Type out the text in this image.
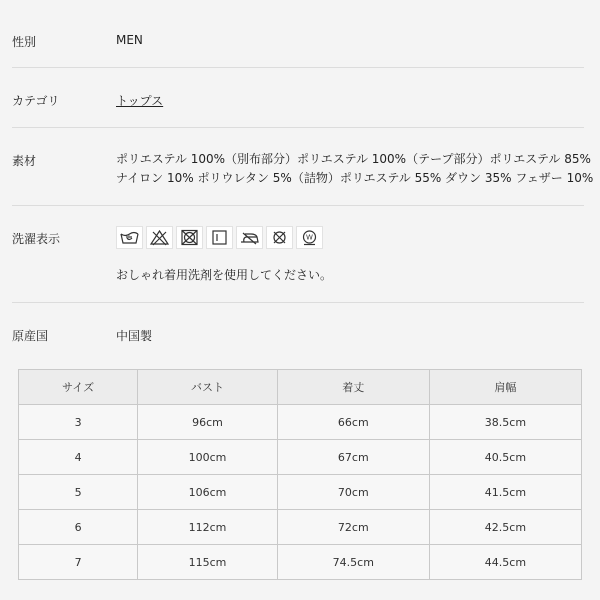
性別	MEN
カテゴリ	トップス
素材	ポリエステル 100%（別布部分）ポリエステル 100%（テープ部分）ポリエステル 85%
ナイロン 10% ポリウレタン 5%（詰物）ポリエステル 55% ダウン 35% フェザー 10%
洗濯表示	W
おしゃれ着用洗剤を使用してください。
原産国	中国製
サイズ	バスト	着丈	肩幅
3	96cm	66cm	38.5cm
4	100cm	67cm	40.5cm
5	106cm	70cm	41.5cm
6	112cm	72cm	42.5cm
7	115cm	74.5cm	44.5cm
